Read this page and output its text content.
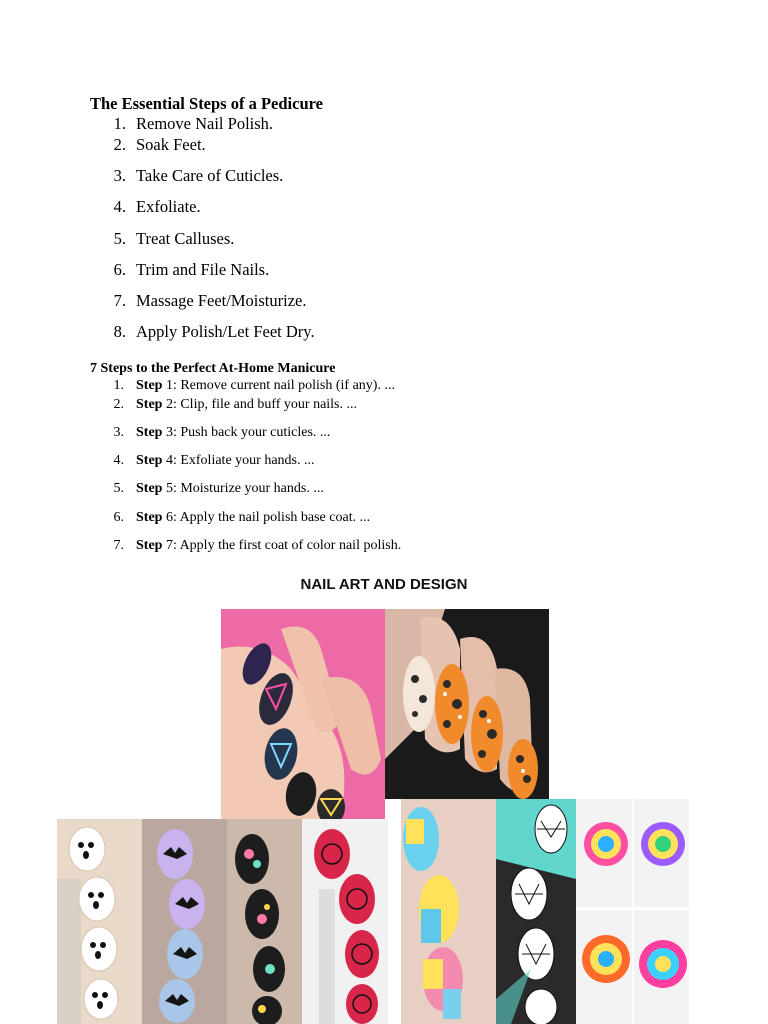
The Essential Steps of a Pedicure
1. Remove Nail Polish.
2. Soak Feet.
3. Take Care of Cuticles.
4. Exfoliate.
5. Treat Calluses.
6. Trim and File Nails.
7. Massage Feet/Moisturize.
8. Apply Polish/Let Feet Dry.
7 Steps to the Perfect At-Home Manicure
1. Step 1: Remove current nail polish (if any). ...
2. Step 2: Clip, file and buff your nails. ...
3. Step 3: Push back your cuticles. ...
4. Step 4: Exfoliate your hands. ...
5. Step 5: Moisturize your hands. ...
6. Step 6: Apply the nail polish base coat. ...
7. Step 7: Apply the first coat of color nail polish.
NAIL ART AND DESIGN
